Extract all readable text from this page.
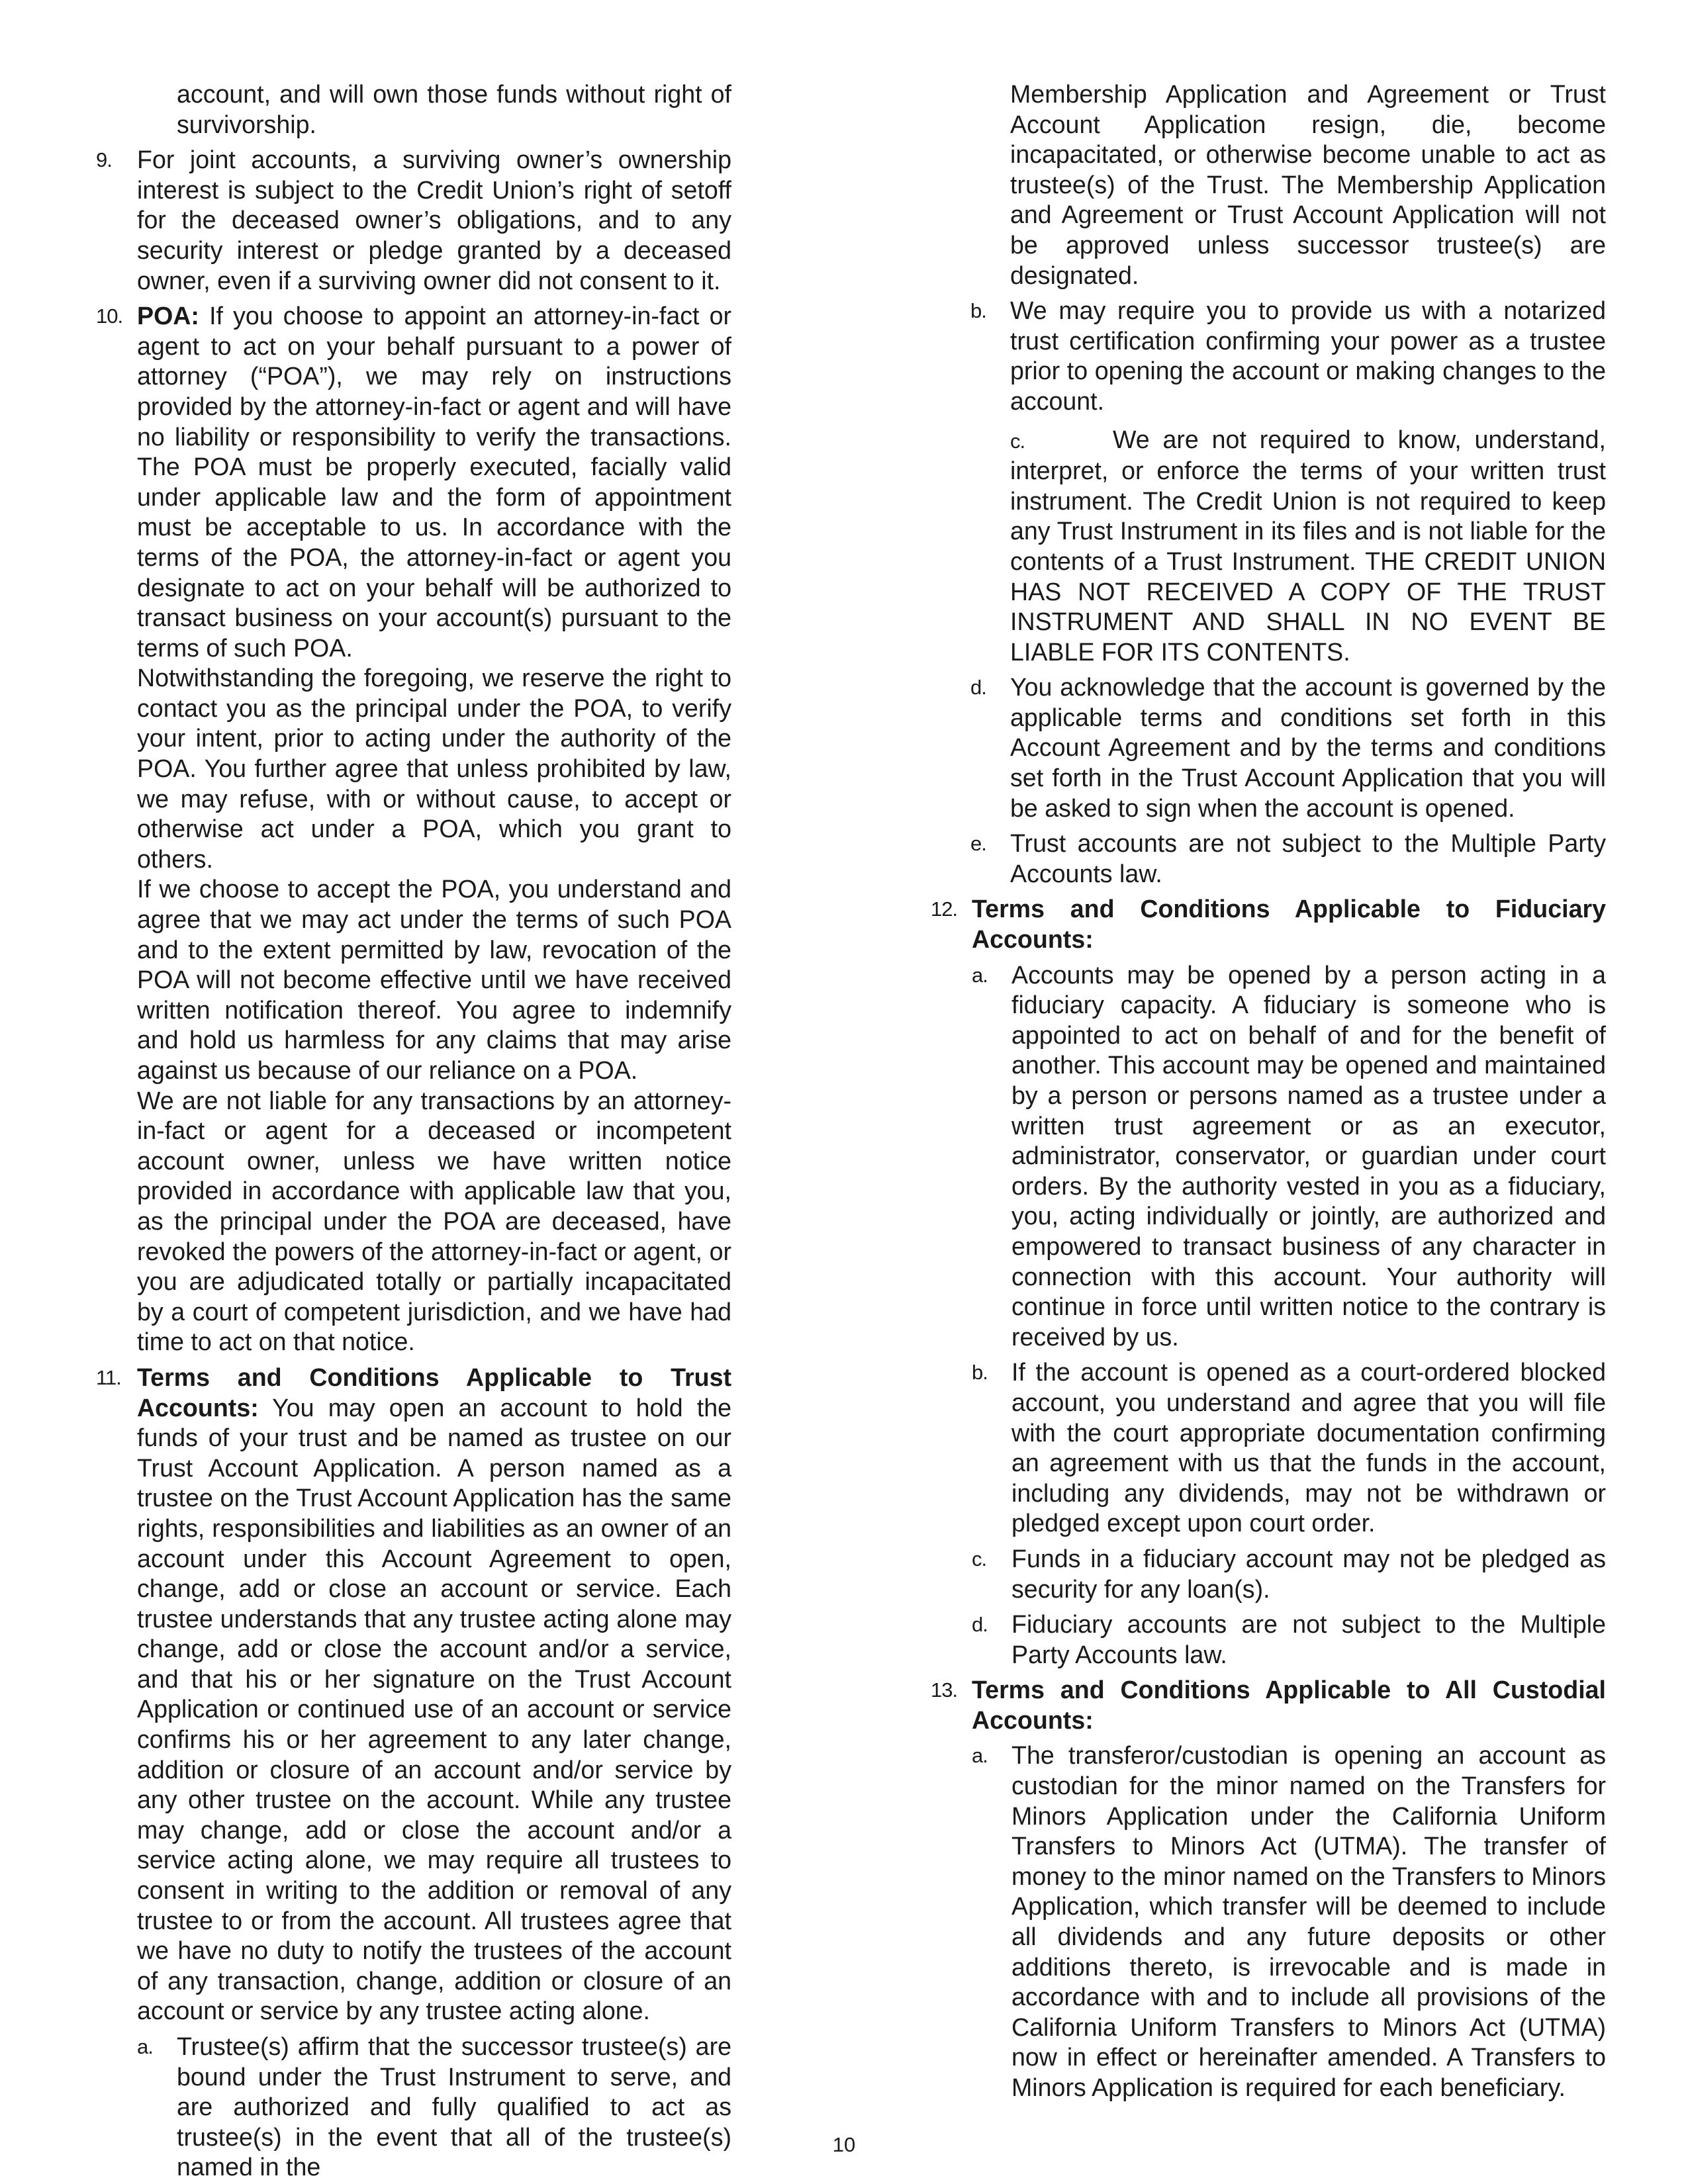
account, and will own those funds without right of survivorship.

9. For joint accounts, a surviving owner’s ownership interest is subject to the Credit Union’s right of setoff for the deceased owner’s obligations, and to any security interest or pledge granted by a deceased owner, even if a surviving owner did not consent to it.

10. POA: If you choose to appoint an attorney-in-fact or agent to act on your behalf pursuant to a power of attorney (“POA”), we may rely on instructions provided by the attorney-in-fact or agent and will have no liability or responsibility to verify the transactions. The POA must be properly executed, facially valid under applicable law and the form of appointment must be acceptable to us. In accordance with the terms of the POA, the attorney-in-fact or agent you designate to act on your behalf will be authorized to transact business on your account(s) pursuant to the terms of such POA.

Notwithstanding the foregoing, we reserve the right to contact you as the principal under the POA, to verify your intent, prior to acting under the authority of the POA. You further agree that unless prohibited by law, we may refuse, with or without cause, to accept or otherwise act under a POA, which you grant to others.

If we choose to accept the POA, you understand and agree that we may act under the terms of such POA and to the extent permitted by law, revocation of the POA will not become effective until we have received written notification thereof. You agree to indemnify and hold us harmless for any claims that may arise against us because of our reliance on a POA.

We are not liable for any transactions by an attorney-in-fact or agent for a deceased or incompetent account owner, unless we have written notice provided in accordance with applicable law that you, as the principal under the POA are deceased, have revoked the powers of the attorney-in-fact or agent, or you are adjudicated totally or partially incapacitated by a court of competent jurisdiction, and we have had time to act on that notice.

11. Terms and Conditions Applicable to Trust Accounts: You may open an account to hold the funds of your trust and be named as trustee on our Trust Account Application. A person named as a trustee on the Trust Account Application has the same rights, responsibilities and liabilities as an owner of an account under this Account Agreement to open, change, add or close an account or service. Each trustee understands that any trustee acting alone may change, add or close the account and/or a service, and that his or her signature on the Trust Account Application or continued use of an account or service confirms his or her agreement to any later change, addition or closure of an account and/or service by any other trustee on the account. While any trustee may change, add or close the account and/or a service acting alone, we may require all trustees to consent in writing to the addition or removal of any trustee to or from the account. All trustees agree that we have no duty to notify the trustees of the account of any transaction, change, addition or closure of an account or service by any trustee acting alone.

a. Trustee(s) affirm that the successor trustee(s) are bound under the Trust Instrument to serve, and are authorized and fully qualified to act as trustee(s) in the event that all of the trustee(s) named in the

Membership Application and Agreement or Trust Account Application resign, die, become incapacitated, or otherwise become unable to act as trustee(s) of the Trust. The Membership Application and Agreement or Trust Account Application will not be approved unless successor trustee(s) are designated.

b. We may require you to provide us with a notarized trust certification confirming your power as a trustee prior to opening the account or making changes to the account.

c.	We are not required to know, understand, interpret, or enforce the terms of your written trust instrument. The Credit Union is not required to keep any Trust Instrument in its files and is not liable for the contents of a Trust Instrument. THE CREDIT UNION HAS NOT RECEIVED A COPY OF THE TRUST INSTRUMENT AND SHALL IN NO EVENT BE LIABLE FOR ITS CONTENTS.

d. You acknowledge that the account is governed by the applicable terms and conditions set forth in this Account Agreement and by the terms and conditions set forth in the Trust Account Application that you will be asked to sign when the account is opened.

e. Trust accounts are not subject to the Multiple Party Accounts law.

12. Terms and Conditions Applicable to Fiduciary Accounts:

a. Accounts may be opened by a person acting in a fiduciary capacity. A fiduciary is someone who is appointed to act on behalf of and for the benefit of another. This account may be opened and maintained by a person or persons named as a trustee under a written trust agreement or as an executor, administrator, conservator, or guardian under court orders. By the authority vested in you as a fiduciary, you, acting individually or jointly, are authorized and empowered to transact business of any character in connection with this account. Your authority will continue in force until written notice to the contrary is received by us.

b. If the account is opened as a court-ordered blocked account, you understand and agree that you will file with the court appropriate documentation confirming an agreement with us that the funds in the account, including any dividends, may not be withdrawn or pledged except upon court order.

c. Funds in a fiduciary account may not be pledged as security for any loan(s).

d. Fiduciary accounts are not subject to the Multiple Party Accounts law.

13. Terms and Conditions Applicable to All Custodial Accounts:

a. The transferor/custodian is opening an account as custodian for the minor named on the Transfers for Minors Application under the California Uniform Transfers to Minors Act (UTMA). The transfer of money to the minor named on the Transfers to Minors Application, which transfer will be deemed to include all dividends and any future deposits or other additions thereto, is irrevocable and is made in accordance with and to include all provisions of the California Uniform Transfers to Minors Act (UTMA) now in effect or hereinafter amended. A Transfers to Minors Application is required for each beneficiary.

10
